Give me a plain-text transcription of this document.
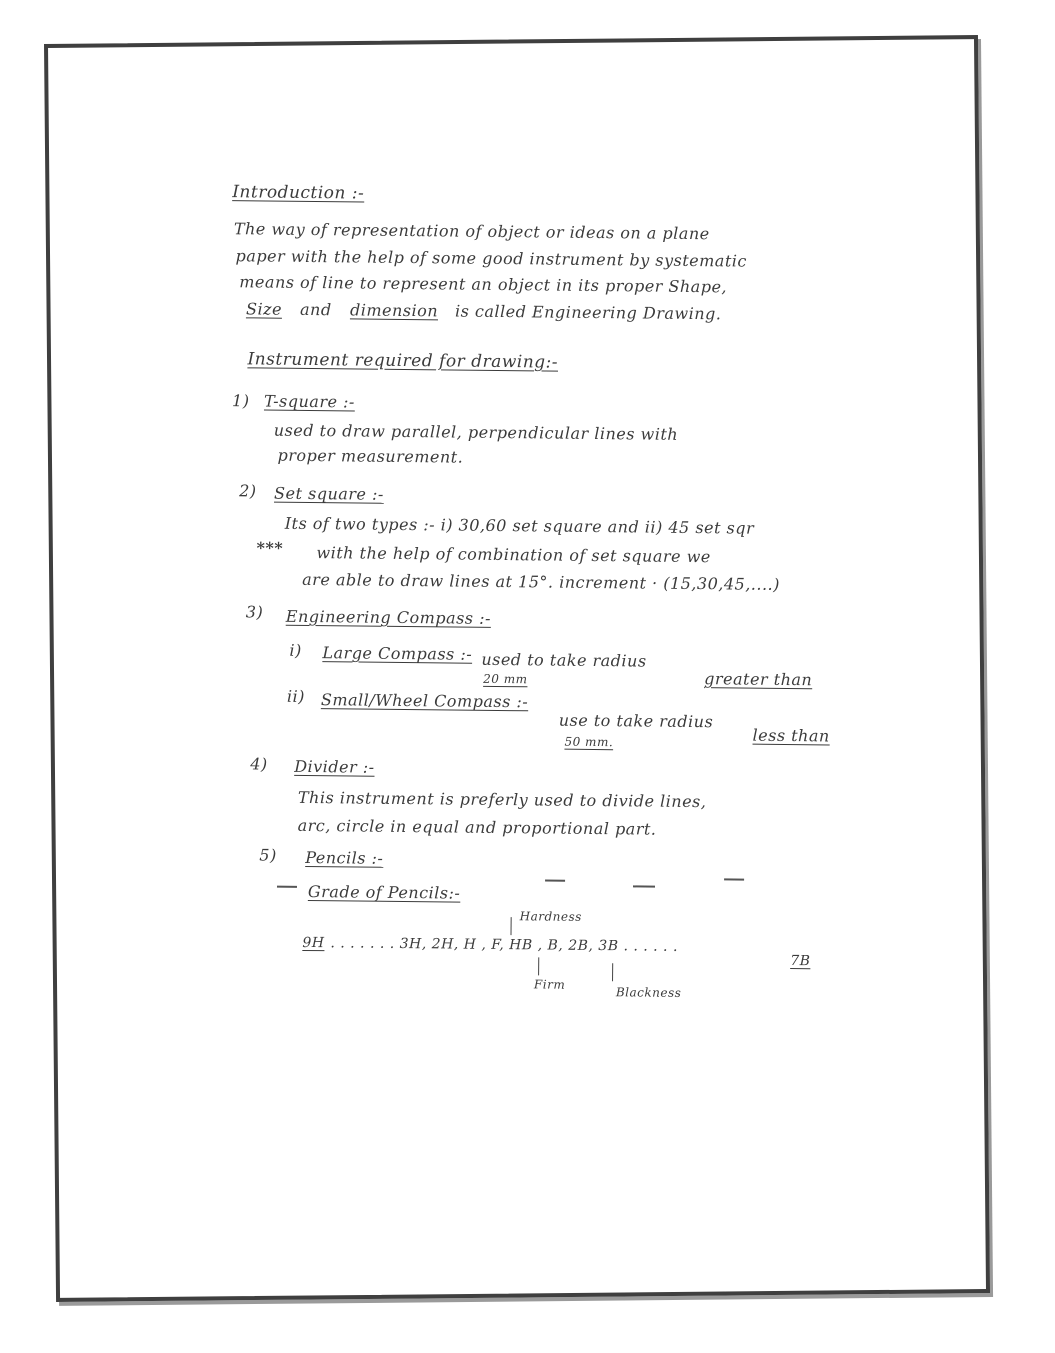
Introduction :-
The way of representation of object or ideas on a plane
paper with the help of some good instrument by systematic
means of line to represent an object in its proper Shape,
Size and dimension is called Engineering Drawing.
Instrument required for drawing:-
1) T-square :-
used to draw parallel, perpendicular lines with
proper measurement.
2) Set square :-
Its of two types :- i) 30,60 set square and ii) 45 set sqr
*** with the help of combination of set square we
are able to draw lines at 15°. increment · (15,30,45,....)
3) Engineering Compass :-
i) Large Compass :- used to take radius
greater than
20 mm
ii) Small/Wheel Compass :-
use to take radius
less than
50 mm.
4) Divider :-
This instrument is preferly used to divide lines,
arc, circle in equal and proportional part.
5) Pencils :-
Grade of Pencils:-
Hardness
9H . . . . . . . 3H, 2H, H , F, HB , B, 2B, 3B . . . . . .
7B
Firm
Blackness
